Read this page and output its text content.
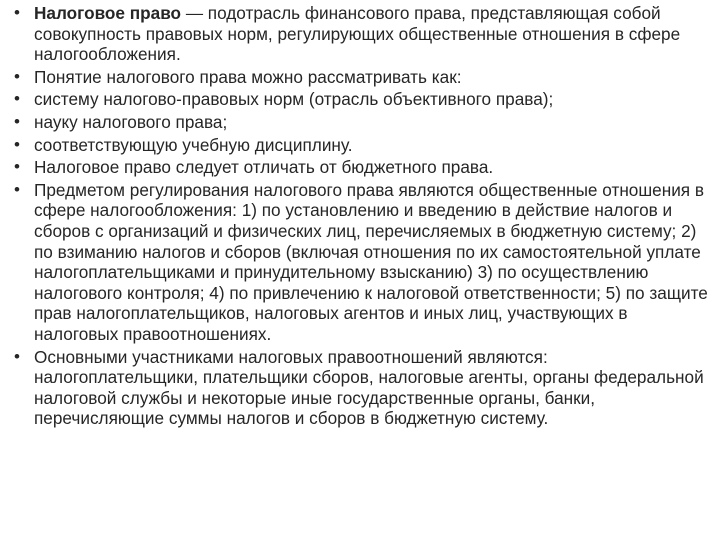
• Налоговое право — подотрасль финансового права, представляющая собой совокупность правовых норм, регулирующих общественные отношения в сфере налогообложения.
• Понятие налогового права можно рассматривать как:
• систему налогово-правовых норм (отрасль объективного права);
• науку налогового права;
• соответствующую учебную дисциплину.
• Налоговое право следует отличать от бюджетного права.
• Предметом регулирования налогового права являются общественные отношения в сфере налогообложения: 1) по установлению и введению в действие налогов и сборов с организаций и физических лиц, перечисляемых в бюджетную систему; 2) по взиманию налогов и сборов (включая отношения по их самостоятельной уплате налогоплательщиками и принудительному взысканию) 3) по осуществлению налогового контроля; 4) по привлечению к налоговой ответственности; 5) по защите прав налогоплательщиков, налоговых агентов и иных лиц, участвующих в налоговых правоотношениях.
• Основными участниками налоговых правоотношений являются: налогоплательщики, плательщики сборов, налоговые агенты, органы федеральной налоговой службы и некоторые иные государственные органы, банки, перечисляющие суммы налогов и сборов в бюджетную систему.
